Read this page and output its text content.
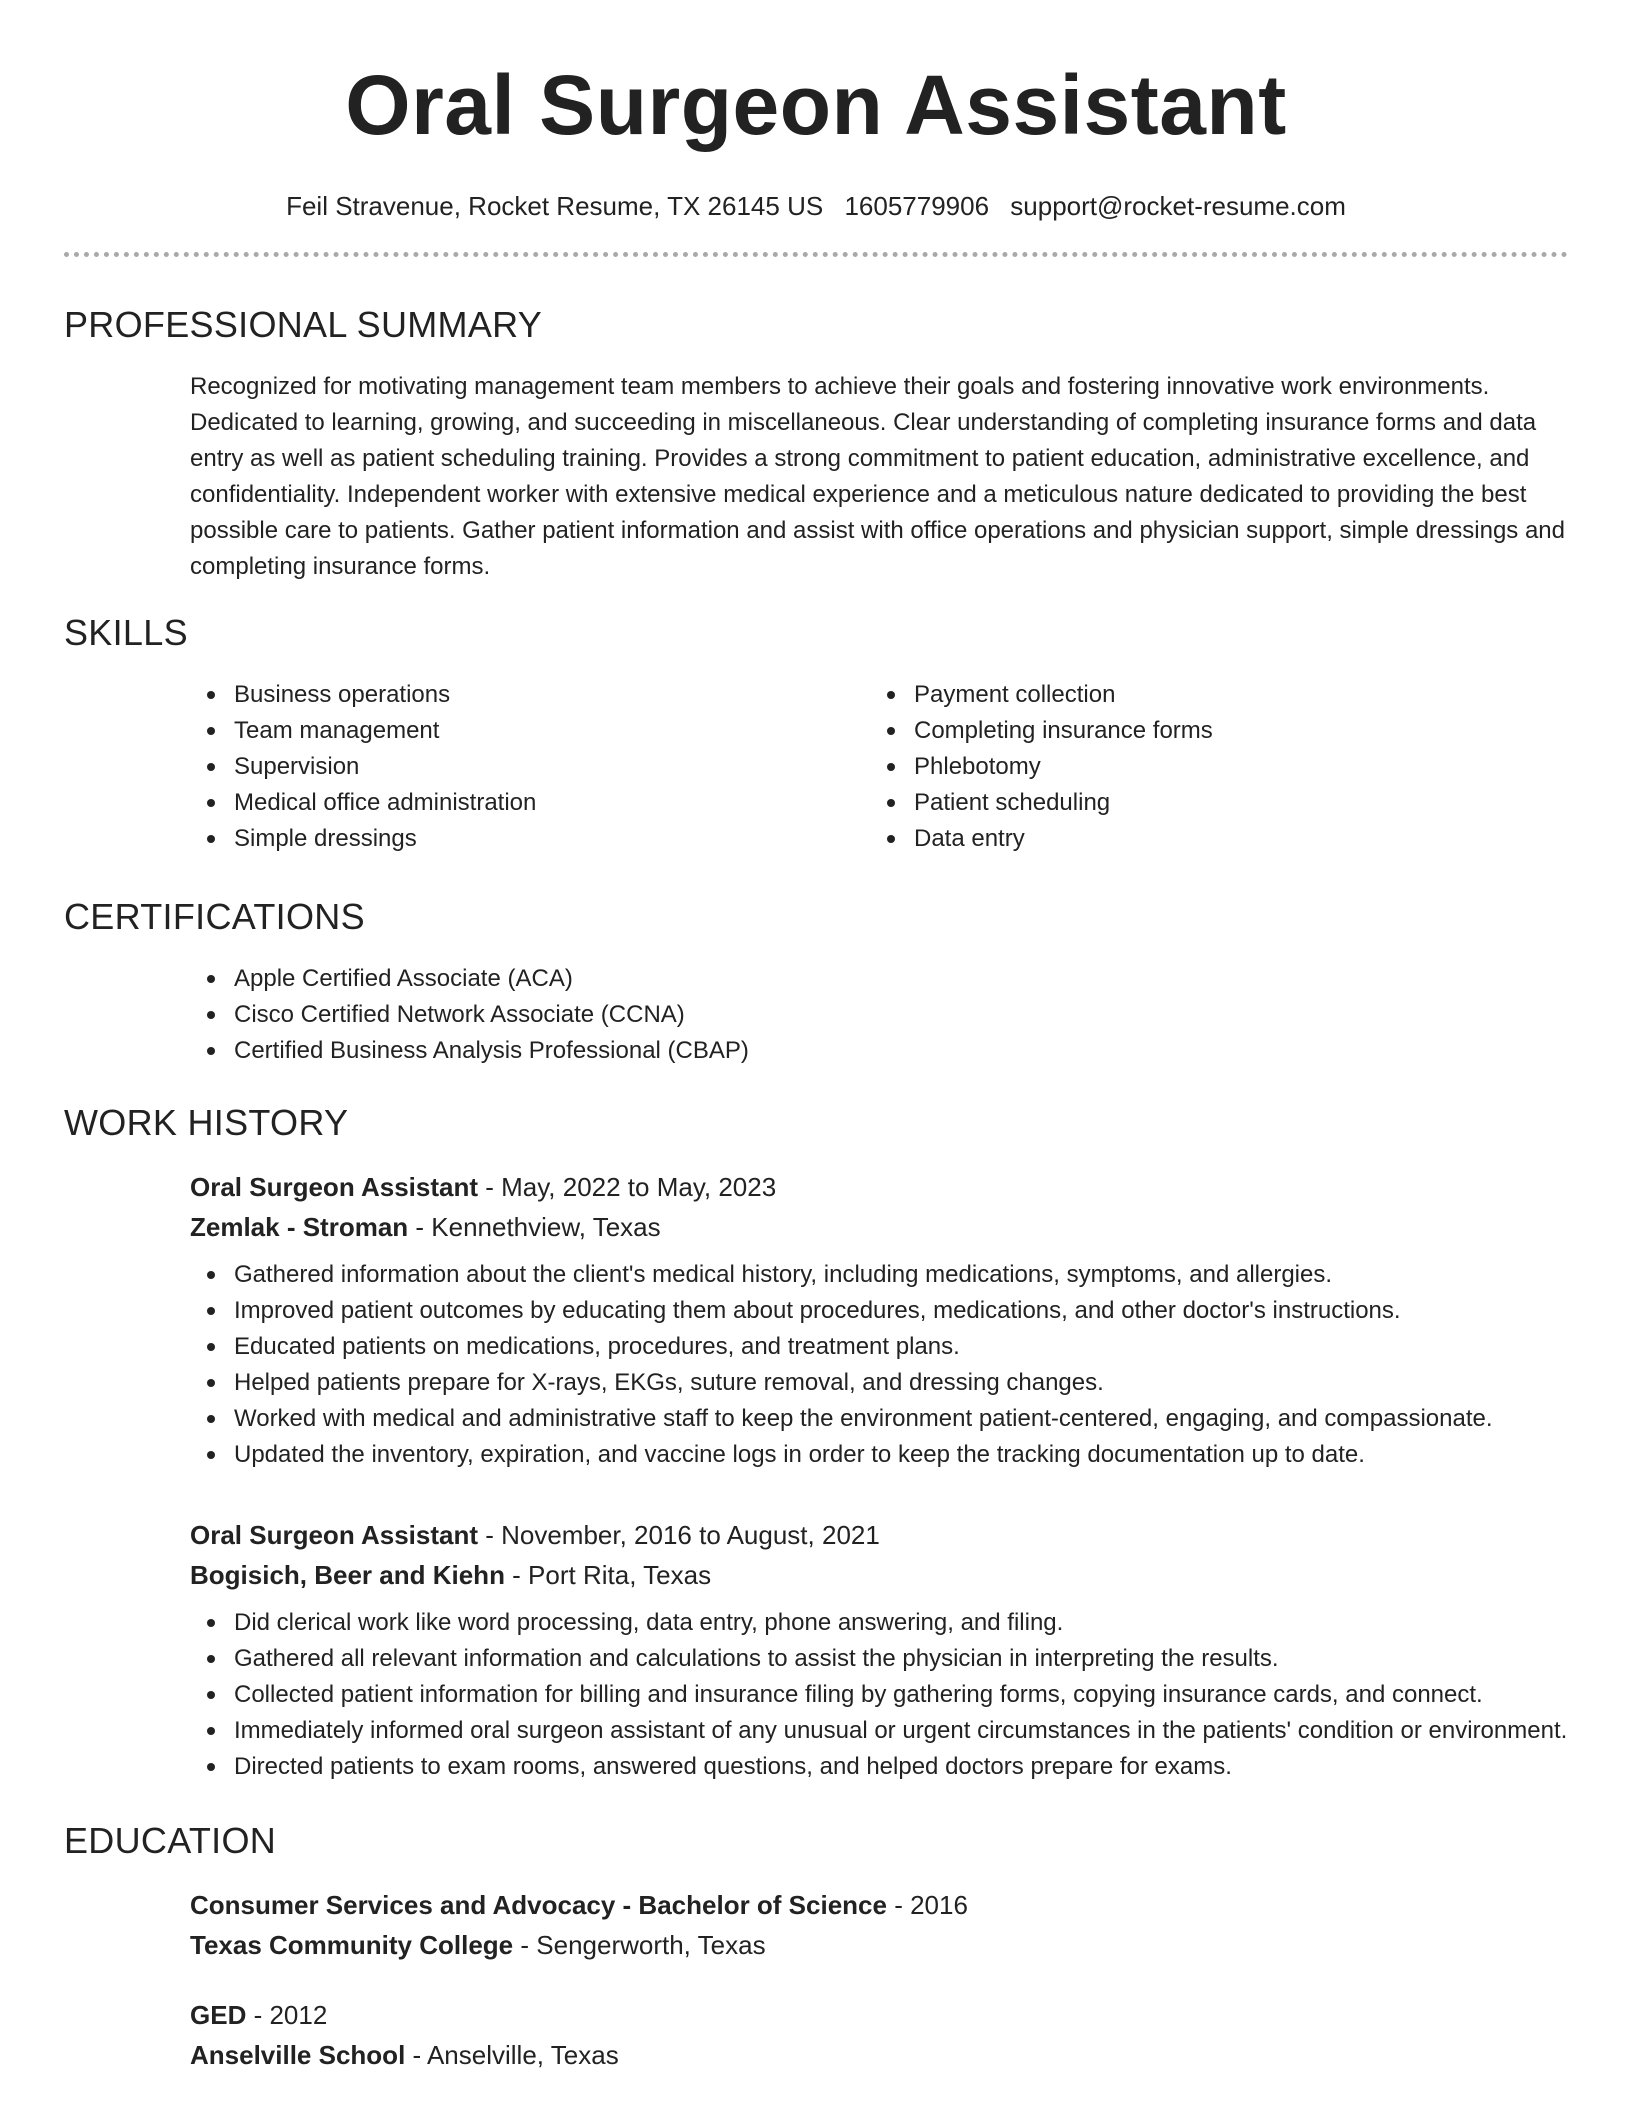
Oral Surgeon Assistant
Feil Stravenue, Rocket Resume, TX 26145 US 1605779906 support@rocket-resume.com
PROFESSIONAL SUMMARY

Recognized for motivating management team members to achieve their goals and fostering innovative work environments. Dedicated to learning, growing, and succeeding in miscellaneous. Clear understanding of completing insurance forms and data entry as well as patient scheduling training. Provides a strong commitment to patient education, administrative excellence, and confidentiality. Independent worker with extensive medical experience and a meticulous nature dedicated to providing the best possible care to patients. Gather patient information and assist with office operations and physician support, simple dressings and completing insurance forms.

SKILLS
Business operations
Team management
Supervision
Medical office administration
Simple dressings
Payment collection
Completing insurance forms
Phlebotomy
Patient scheduling
Data entry
CERTIFICATIONS
Apple Certified Associate (ACA)
Cisco Certified Network Associate (CCNA)
Certified Business Analysis Professional (CBAP)
WORK HISTORY
Oral Surgeon Assistant - May, 2022 to May, 2023
Zemlak - Stroman - Kennethview, Texas
Gathered information about the client's medical history, including medications, symptoms, and allergies.
Improved patient outcomes by educating them about procedures, medications, and other doctor's instructions.
Educated patients on medications, procedures, and treatment plans.
Helped patients prepare for X-rays, EKGs, suture removal, and dressing changes.
Worked with medical and administrative staff to keep the environment patient-centered, engaging, and compassionate.
Updated the inventory, expiration, and vaccine logs in order to keep the tracking documentation up to date.
Oral Surgeon Assistant - November, 2016 to August, 2021
Bogisich, Beer and Kiehn - Port Rita, Texas
Did clerical work like word processing, data entry, phone answering, and filing.
Gathered all relevant information and calculations to assist the physician in interpreting the results.
Collected patient information for billing and insurance filing by gathering forms, copying insurance cards, and connect.
Immediately informed oral surgeon assistant of any unusual or urgent circumstances in the patients' condition or environment.
Directed patients to exam rooms, answered questions, and helped doctors prepare for exams.
EDUCATION
Consumer Services and Advocacy - Bachelor of Science - 2016
Texas Community College - Sengerworth, Texas
GED - 2012
Anselville School - Anselville, Texas
